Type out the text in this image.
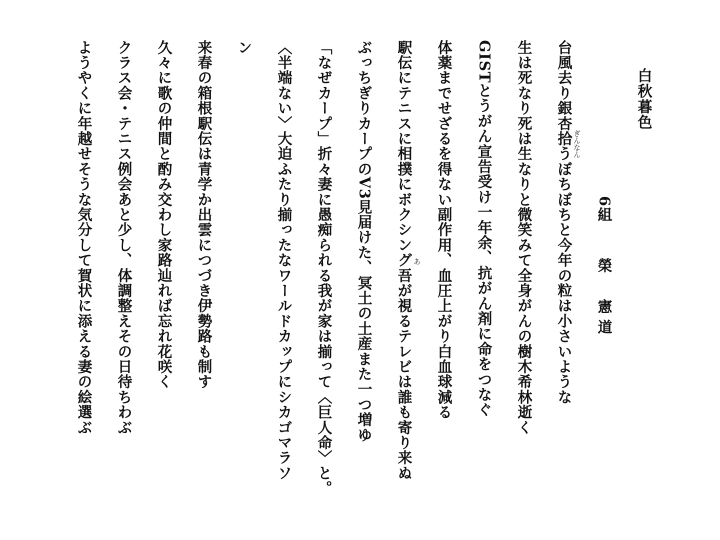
白秋暮色
6組
榮　憲道
台風去り銀杏拾うぼちぼちと今年の粒は小さいような ぎんなん
生は死なり死は生なりと微笑みて全身がんの樹木希林逝く
GISTとうがん宣告受け一年余、抗がん剤に命をつなぐ
体薬までせざるを得ない副作用、血圧上がり白血球減る
駅伝にテニスに相撲にボクシング吾が視るテレビは誰も寄り来ぬ あ
ぶっちぎりカープのV3見届けた、冥土の土産また一つ増ゆ
「なぜカープ」折々妻に愚痴られる我が家は揃って〈巨人命〉と。
〈半端ない〉大迫ふたり揃ったなワールドカップにシカゴマラソ
ン
来春の箱根駅伝は青学か出雲につづき伊勢路も制す
久々に歌の仲間と酌み交わし家路辿れば忘れ花咲く
クラス会・テニス例会あと少し、体調整えその日待ちわぶ
ようやくに年越せそうな気分して賀状に添える妻の絵選ぶ
